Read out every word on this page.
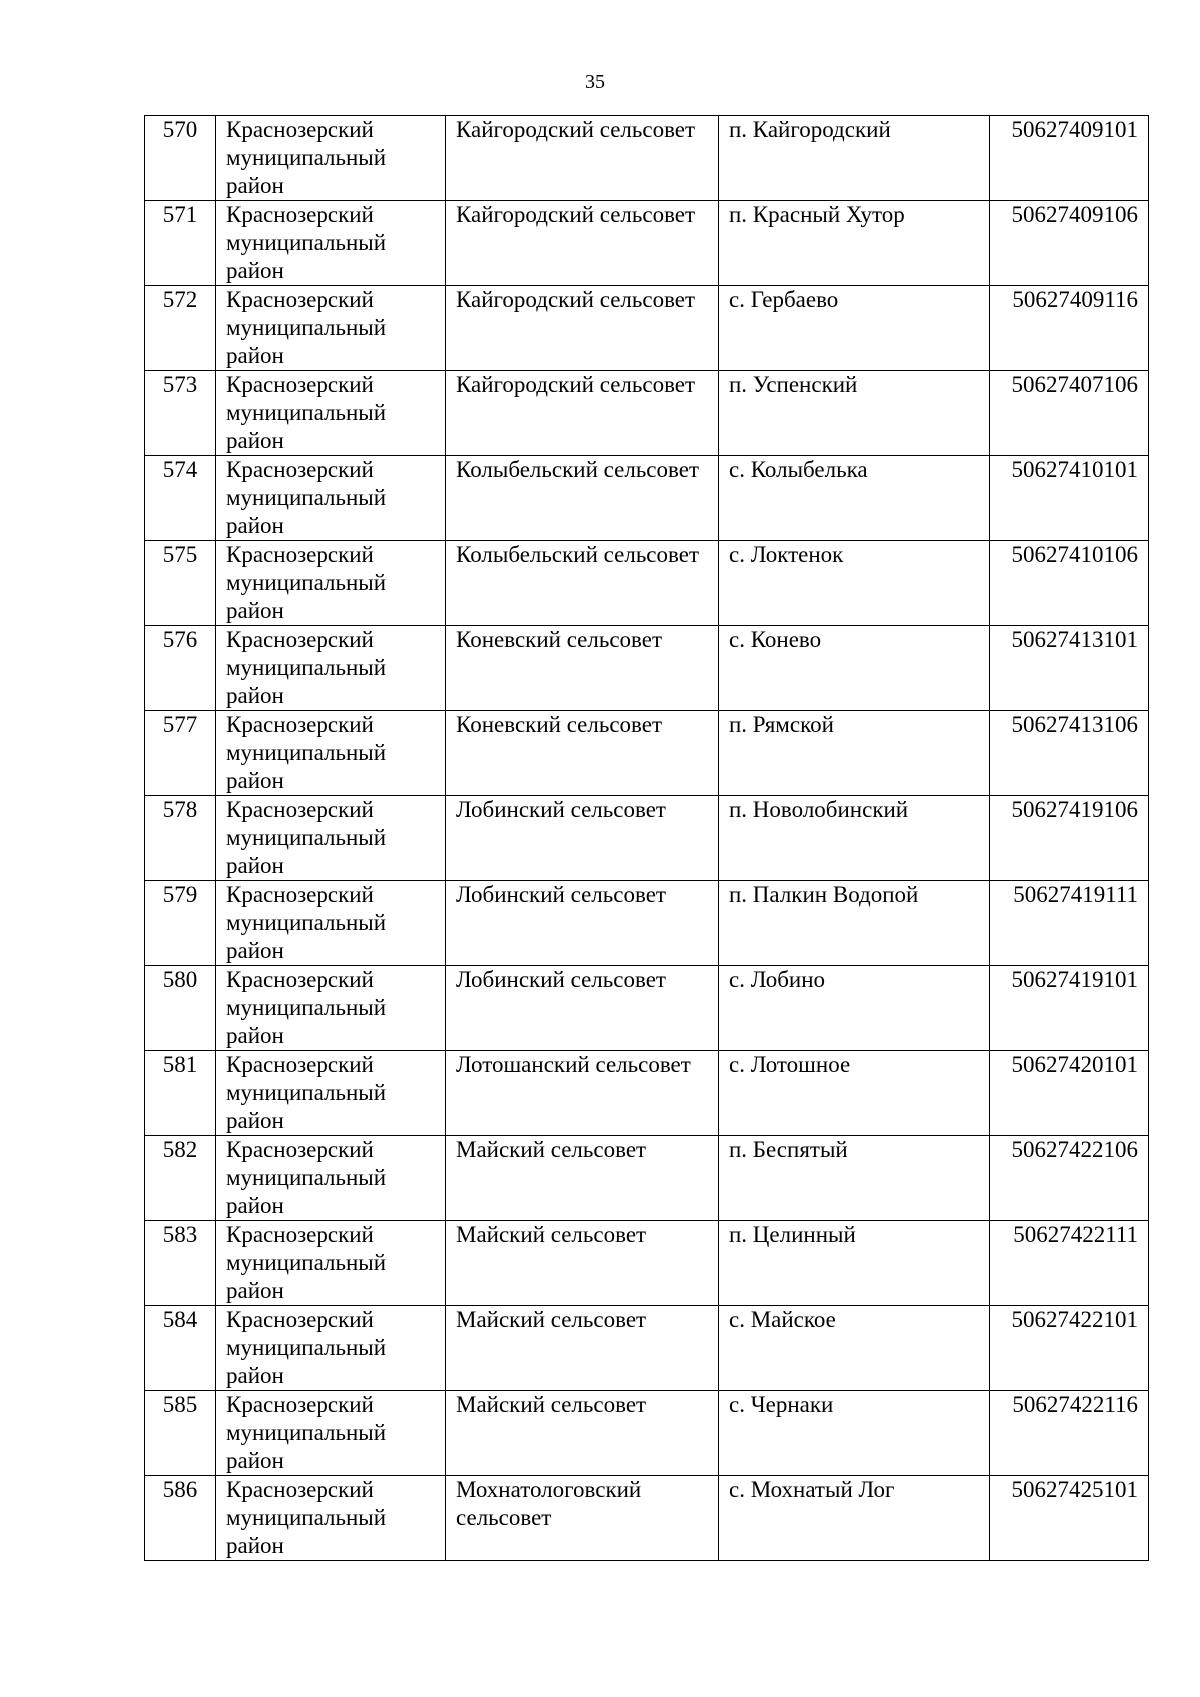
35
570	Краснозерский муниципальный район	Кайгородский сельсовет	п. Кайгородский	50627409101
571	Краснозерский муниципальный район	Кайгородский сельсовет	п. Красный Хутор	50627409106
572	Краснозерский муниципальный район	Кайгородский сельсовет	с. Гербаево	50627409116
573	Краснозерский муниципальный район	Кайгородский сельсовет	п. Успенский	50627407106
574	Краснозерский муниципальный район	Колыбельский сельсовет	с. Колыбелька	50627410101
575	Краснозерский муниципальный район	Колыбельский сельсовет	с. Локтенок	50627410106
576	Краснозерский муниципальный район	Коневский сельсовет	с. Конево	50627413101
577	Краснозерский муниципальный район	Коневский сельсовет	п. Рямской	50627413106
578	Краснозерский муниципальный район	Лобинский сельсовет	п. Новолобинский	50627419106
579	Краснозерский муниципальный район	Лобинский сельсовет	п. Палкин Водопой	50627419111
580	Краснозерский муниципальный район	Лобинский сельсовет	с. Лобино	50627419101
581	Краснозерский муниципальный район	Лотошанский сельсовет	с. Лотошное	50627420101
582	Краснозерский муниципальный район	Майский сельсовет	п. Беспятый	50627422106
583	Краснозерский муниципальный район	Майский сельсовет	п. Целинный	50627422111
584	Краснозерский муниципальный район	Майский сельсовет	с. Майское	50627422101
585	Краснозерский муниципальный район	Майский сельсовет	с. Чернаки	50627422116
586	Краснозерский муниципальный район	Мохнатологовский сельсовет	с. Мохнатый Лог	50627425101
